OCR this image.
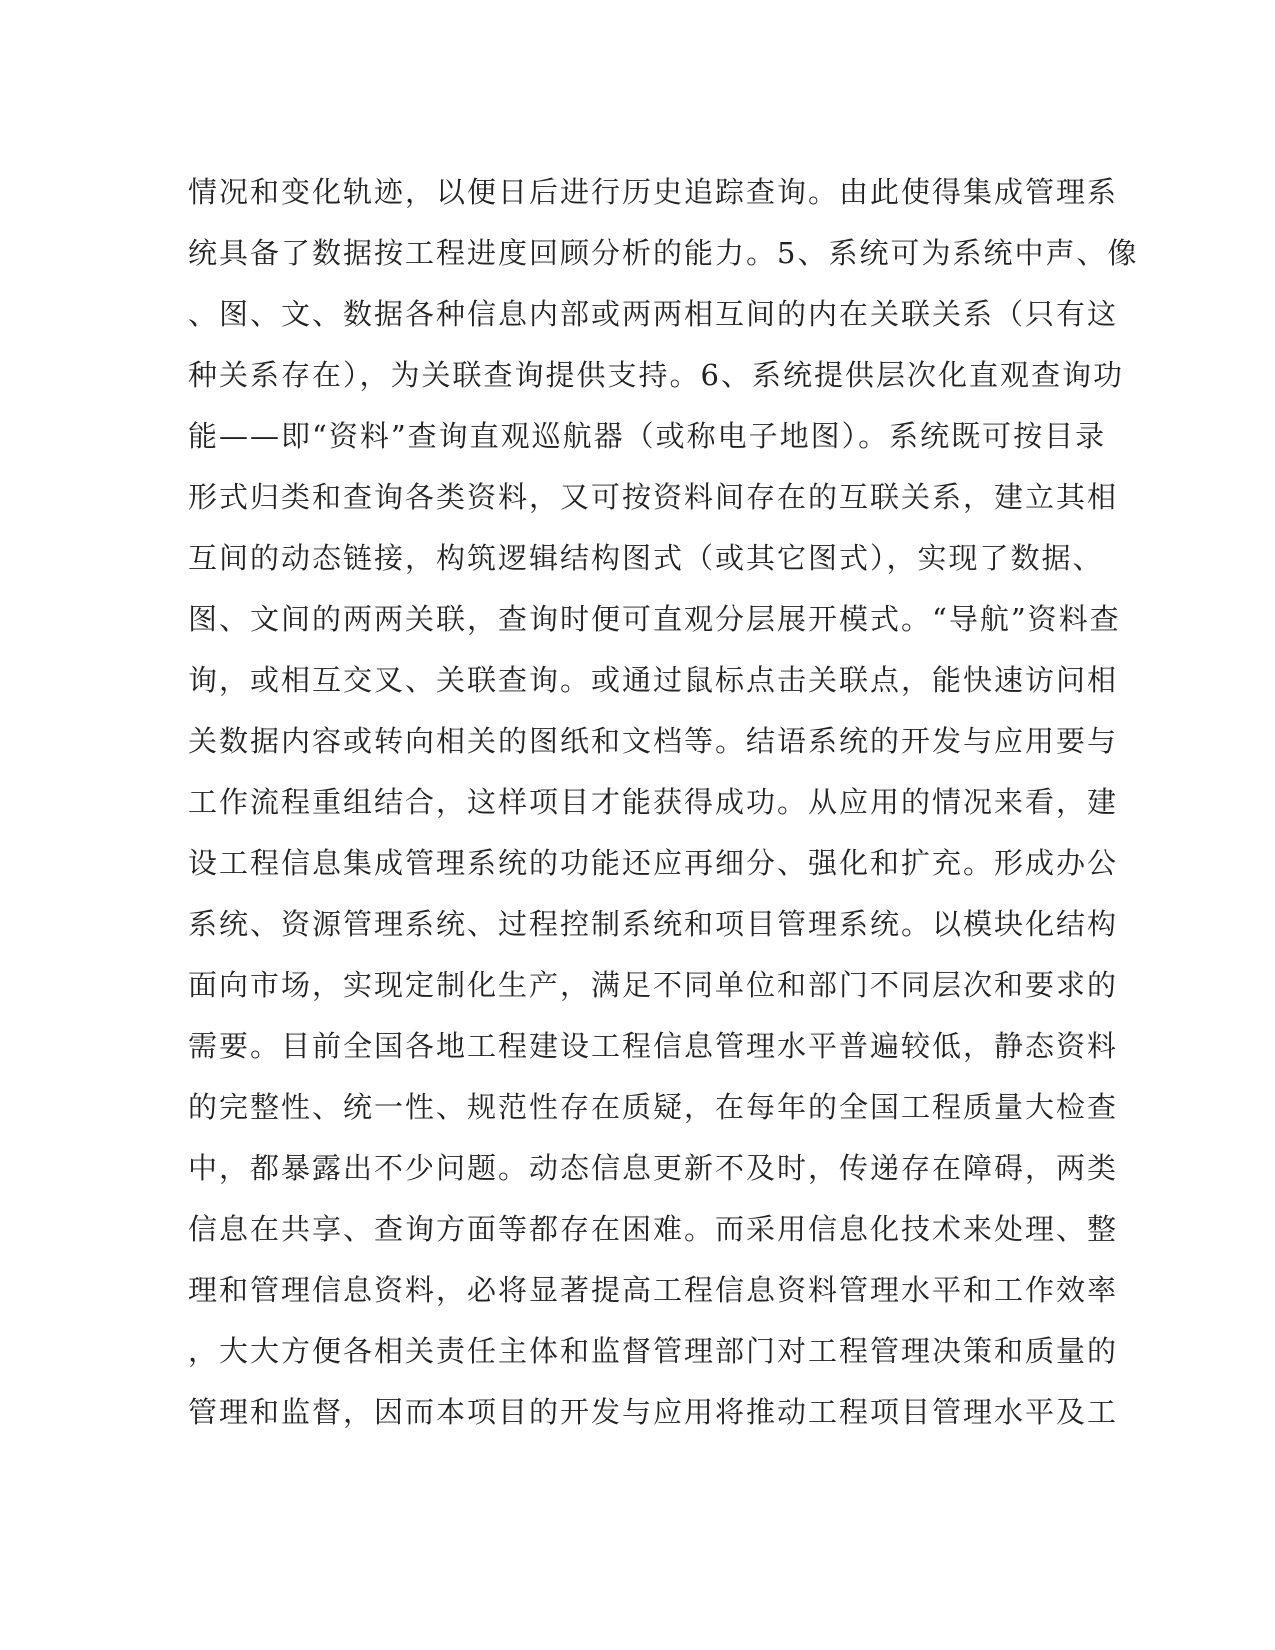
情况和变化轨迹，以便日后进行历史追踪查询。由此使得集成管理系
统具备了数据按工程进度回顾分析的能力。5、系统可为系统中声、像
、图、文、数据各种信息内部或两两相互间的内在关联关系（只有这
种关系存在），为关联查询提供支持。6、系统提供层次化直观查询功
能——即“资料”查询直观巡航器（或称电子地图）。系统既可按目录
形式归类和查询各类资料，又可按资料间存在的互联关系，建立其相
互间的动态链接，构筑逻辑结构图式（或其它图式），实现了数据、
图、文间的两两关联，查询时便可直观分层展开模式。“导航”资料查
询，或相互交叉、关联查询。或通过鼠标点击关联点，能快速访问相
关数据内容或转向相关的图纸和文档等。结语系统的开发与应用要与
工作流程重组结合，这样项目才能获得成功。从应用的情况来看，建
设工程信息集成管理系统的功能还应再细分、强化和扩充。形成办公
系统、资源管理系统、过程控制系统和项目管理系统。以模块化结构
面向市场，实现定制化生产，满足不同单位和部门不同层次和要求的
需要。目前全国各地工程建设工程信息管理水平普遍较低，静态资料
的完整性、统一性、规范性存在质疑，在每年的全国工程质量大检查
中，都暴露出不少问题。动态信息更新不及时，传递存在障碍，两类
信息在共享、查询方面等都存在困难。而采用信息化技术来处理、整
理和管理信息资料，必将显著提高工程信息资料管理水平和工作效率
，大大方便各相关责任主体和监督管理部门对工程管理决策和质量的
管理和监督，因而本项目的开发与应用将推动工程项目管理水平及工
